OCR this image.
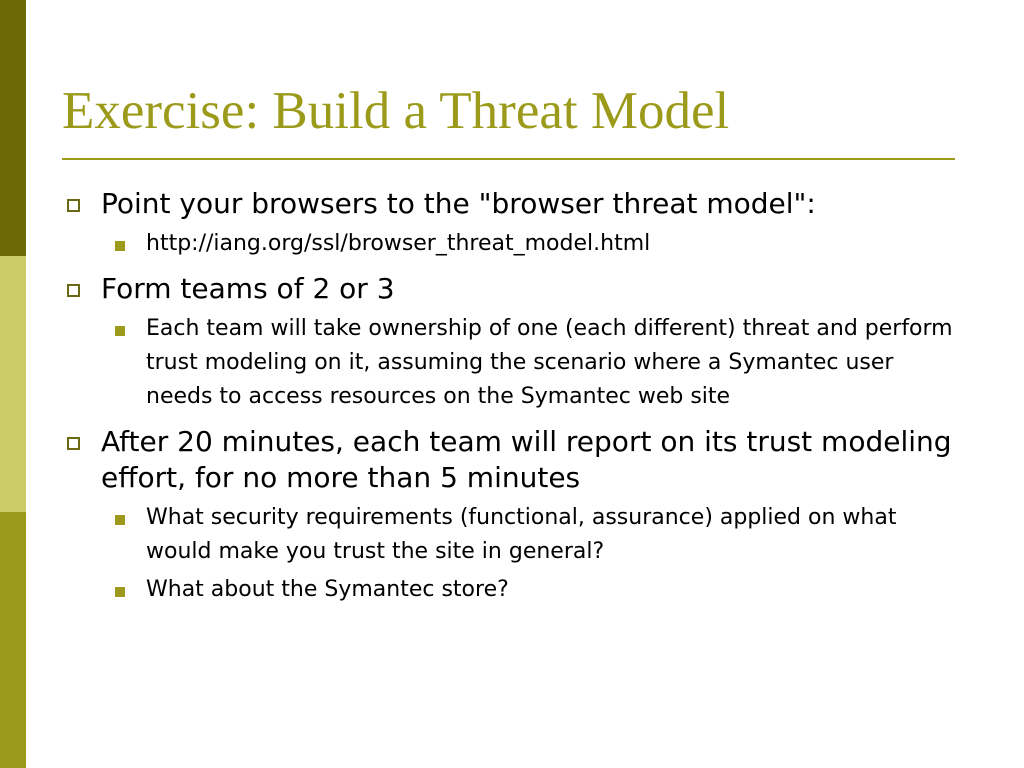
Exercise: Build a Threat Model
Point your browsers to the "browser threat model":
http://iang.org/ssl/browser_threat_model.html
Form teams of 2 or 3
Each team will take ownership of one (each different) threat and perform trust modeling on it, assuming the scenario where a Symantec user needs to access resources on the Symantec web site
After 20 minutes, each team will report on its trust modeling effort, for no more than 5 minutes
What security requirements (functional, assurance) applied on what would make you trust the site in general?
What about the Symantec store?
